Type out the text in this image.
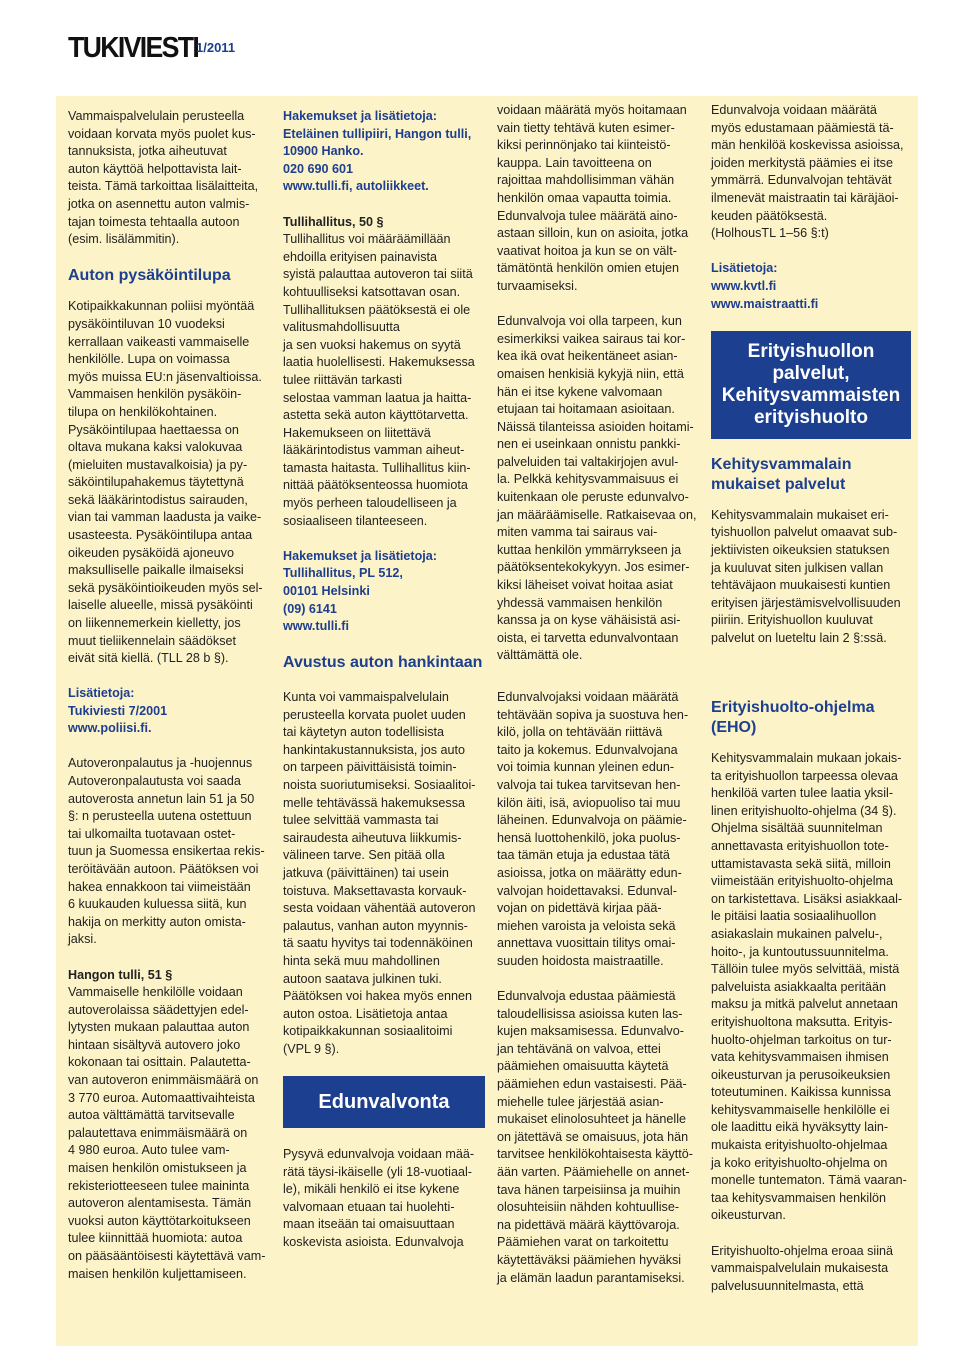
TUKIVIESTI
1/2011

Vammaispalvelulain perusteella
voidaan korvata myös puolet kus-
tannuksista, jotka aiheutuvat
auton käyttöä helpottavista lait-
teista. Tämä tarkoittaa lisälaitteita,
jotka on asennettu auton valmis-
tajan toimesta tehtaalla autoon
(esim. lisälämmitin).

Auton pysäköintilupa

Kotipaikkakunnan poliisi myöntää
pysäköintiluvan 10 vuodeksi
kerrallaan vaikeasti vammaiselle
henkilölle. Lupa on voimassa
myös muissa EU:n jäsenvaltioissa.
Vammaisen henkilön pysäköin-
tilupa on henkilökohtainen.
Pysäköintilupaa haettaessa on
oltava mukana kaksi valokuvaa
(mieluiten mustavalkoisia) ja py-
säköintilupahakemus täytettynä
sekä lääkärintodistus sairauden,
vian tai vamman laadusta ja vaike-
usasteesta. Pysäköintilupa antaa
oikeuden pysäköidä ajoneuvo
maksulliselle paikalle ilmaiseksi
sekä pysäköintioikeuden myös sel-
laiselle alueelle, missä pysäköinti
on liikennemerkein kielletty, jos
muut tieliikennelain säädökset
eivät sitä kiellä. (TLL 28 b §).

Lisätietoja:

Tukiviesti 7/2001
www.poliisi.fi.

Autoveronpalautus ja -huojennus
Autoveronpalautusta voi saada
autoverosta annetun lain 51 ja 50
§: n perusteella uutena ostettuun
tai ulkomailta tuotavaan ostet-
tuun ja Suomessa ensikertaa rekis-
teröitävään autoon. Päätöksen voi
hakea ennakkoon tai viimeistään
6 kuukauden kuluessa siitä, kun
hakija on merkitty auton omista-
jaksi.

Hangon tulli, 51 §

Vammaiselle henkilölle voidaan
autoverolaissa säädettyjen edel-
lytysten mukaan palauttaa auton
hintaan sisältyvä autovero joko
kokonaan tai osittain. Palautetta-
van autoveron enimmäismäärä on
3 770 euroa. Automaattivaihteista
autoa välttämättä tarvitsevalle
palautettava enimmäismäärä on
4 980 euroa. Auto tulee vam-
maisen henkilön omistukseen ja
rekisteriotteeseen tulee maininta
autoveron alentamisesta. Tämän
vuoksi auton käyttötarkoitukseen
tulee kiinnittää huomiota: autoa
on pääsääntöisesti käytettävä vam-
maisen henkilön kuljettamiseen.

Hakemukset ja lisätietoja:
Eteläinen tullipiiri, Hangon tulli,
10900 Hanko.
020 690 601
www.tulli.fi, autoliikkeet.

Tullihallitus, 50 §

Tullihallitus voi määräämillään
ehdoilla erityisen painavista
syistä palauttaa autoveron tai siitä
kohtuulliseksi katsottavan osan.
Tullihallituksen päätöksestä ei ole
valitusmahdollisuutta
ja sen vuoksi hakemus on syytä
laatia huolellisesti. Hakemuksessa
tulee riittävän tarkasti
selostaa vamman laatua ja haitta-
astetta sekä auton käyttötarvetta.
Hakemukseen on liitettävä
lääkärintodistus vamman aiheut-
tamasta haitasta. Tullihallitus kiin-
nittää päätöksenteossa huomiota
myös perheen taloudelliseen ja
sosiaaliseen tilanteeseen.

Hakemukset ja lisätietoja:
Tullihallitus, PL 512,
00101 Helsinki
(09) 6141
www.tulli.fi

Avustus auton hankintaan

Kunta voi vammaispalvelulain
perusteella korvata puolet uuden
tai käytetyn auton todellisista
hankintakustannuksista, jos auto
on tarpeen päivittäisistä toimin-
noista suoriutumiseksi. Sosiaalitoi-
melle tehtävässä hakemuksessa
tulee selvittää vammasta tai
sairaudesta aiheutuva liikkumis-
välineen tarve. Sen pitää olla
jatkuva (päivittäinen) tai usein
toistuva. Maksettavasta korvauk-
sesta voidaan vähentää autoveron
palautus, vanhan auton myynnis-
tä saatu hyvitys tai todennäköinen
hinta sekä muu mahdollinen
autoon saatava julkinen tuki.
Päätöksen voi hakea myös ennen
auton ostoa. Lisätietoja antaa
kotipaikkakunnan sosiaalitoimi
(VPL 9 §).

Edunvalvonta

Pysyvä edunvalvoja voidaan mää-
rätä täysi-ikäiselle (yli 18-vuotiaal-
le), mikäli henkilö ei itse kykene
valvomaan etuaan tai huolehti-
maan itseään tai omaisuuttaan
koskevista asioista. Edunvalvoja

voidaan määrätä myös hoitamaan
vain tietty tehtävä kuten esimer-
kiksi perinnönjako tai kiinteistö-
kauppa. Lain tavoitteena on
rajoittaa mahdollisimman vähän
henkilön omaa vapautta toimia.
Edunvalvoja tulee määrätä aino-
astaan silloin, kun on asioita, jotka
vaativat hoitoa ja kun se on vält-
tämätöntä henkilön omien etujen
turvaamiseksi.

Edunvalvoja voi olla tarpeen, kun
esimerkiksi vaikea sairaus tai kor-
kea ikä ovat heikentäneet asian-
omaisen henkisiä kykyjä niin, että
hän ei itse kykene valvomaan
etujaan tai hoitamaan asioitaan.
Näissä tilanteissa asioiden hoitami-
nen ei useinkaan onnistu pankki-
palveluiden tai valtakirjojen avul-
la. Pelkkä kehitysvammaisuus ei
kuitenkaan ole peruste edunvalvo-
jan määräämiselle. Ratkaisevaa on,
miten vamma tai sairaus vai-
kuttaa henkilön ymmärrykseen ja
päätöksentekokykyyn. Jos esimer-
kiksi läheiset voivat hoitaa asiat
yhdessä vammaisen henkilön
kanssa ja on kyse vähäisistä asi-
oista, ei tarvetta edunvalvontaan
välttämättä ole.

Edunvalvojaksi voidaan määrätä
tehtävään sopiva ja suostuva hen-
kilö, jolla on tehtävään riittävä
taito ja kokemus. Edunvalvojana
voi toimia kunnan yleinen edun-
valvoja tai tukea tarvitsevan hen-
kilön äiti, isä, aviopuoliso tai muu
läheinen. Edunvalvoja on päämie-
hensä luottohenkilö, joka puolus-
taa tämän etuja ja edustaa tätä
asioissa, jotka on määrätty edun-
valvojan hoidettavaksi. Edunval-
vojan on pidettävä kirjaa pää-
miehen varoista ja veloista sekä
annettava vuosittain tilitys omai-
suuden hoidosta maistraatille.

Edunvalvoja edustaa päämiestä
taloudellisissa asioissa kuten las-
kujen maksamisessa. Edunvalvo-
jan tehtävänä on valvoa, ettei
päämiehen omaisuutta käytetä
päämiehen edun vastaisesti. Pää-
miehelle tulee järjestää asian-
mukaiset elinolosuhteet ja hänelle
on jätettävä se omaisuus, jota hän
tarvitsee henkilökohtaisesta käyttö-
ään varten. Päämiehelle on annet-
tava hänen tarpeisiinsa ja muihin
olosuhteisiin nähden kohtuullise-
na pidettävä määrä käyttövaroja.
Päämiehen varat on tarkoitettu
käytettäväksi päämiehen hyväksi
ja elämän laadun parantamiseksi.

Edunvalvoja voidaan määrätä
myös edustamaan päämiestä tä-
män henkilöä koskevissa asioissa,
joiden merkitystä päämies ei itse
ymmärrä. Edunvalvojan tehtävät
ilmenevät maistraatin tai käräjäoi-
keuden päätöksestä.
(HolhousTL 1–56 §:t)

Lisätietoja:

www.kvtl.fi
www.maistraatti.fi

Erityishuollon
palvelut,
Kehitysvammaisten
erityishuolto
Kehitysvammalain
mukaiset palvelut

Kehitysvammalain mukaiset eri-
tyishuollon palvelut omaavat sub-
jektiivisten oikeuksien statuksen
ja kuuluvat siten julkisen vallan
tehtäväjaon muukaisesti kuntien
erityisen järjestämisvelvollisuuden
piiriin. Erityishuollon kuuluvat
palvelut on lueteltu lain 2 §:ssä.

Erityishuolto-ohjelma
(EHO)

Kehitysvammalain mukaan jokais-
ta erityishuollon tarpeessa olevaa
henkilöä varten tulee laatia yksil-
linen erityishuolto-ohjelma (34 §).
Ohjelma sisältää suunnitelman
annettavasta erityishuollon tote-
uttamistavasta sekä siitä, milloin
viimeistään erityishuolto-ohjelma
on tarkistettava. Lisäksi asiakkaal-
le pitäisi laatia sosiaalihuollon
asiakaslain mukainen palvelu-,
hoito-, ja kuntoutussuunnitelma.
Tällöin tulee myös selvittää, mistä
palveluista asiakkaalta peritään
maksu ja mitkä palvelut annetaan
erityishuoltona maksutta. Erityis-
huolto-ohjelman tarkoitus on tur-
vata kehitysvammaisen ihmisen
oikeusturvan ja perusoikeuksien
toteutuminen. Kaikissa kunnissa
kehitysvammaiselle henkilölle ei
ole laadittu eikä hyväksytty lain-
mukaista erityishuolto-ohjelmaa
ja koko erityishuolto-ohjelma on
monelle tuntematon. Tämä vaaran-
taa kehitysvammaisen henkilön
oikeusturvan.

Erityishuolto-ohjelma eroaa siinä
vammaispalvelulain mukaisesta
palvelusuunnitelmasta, että
